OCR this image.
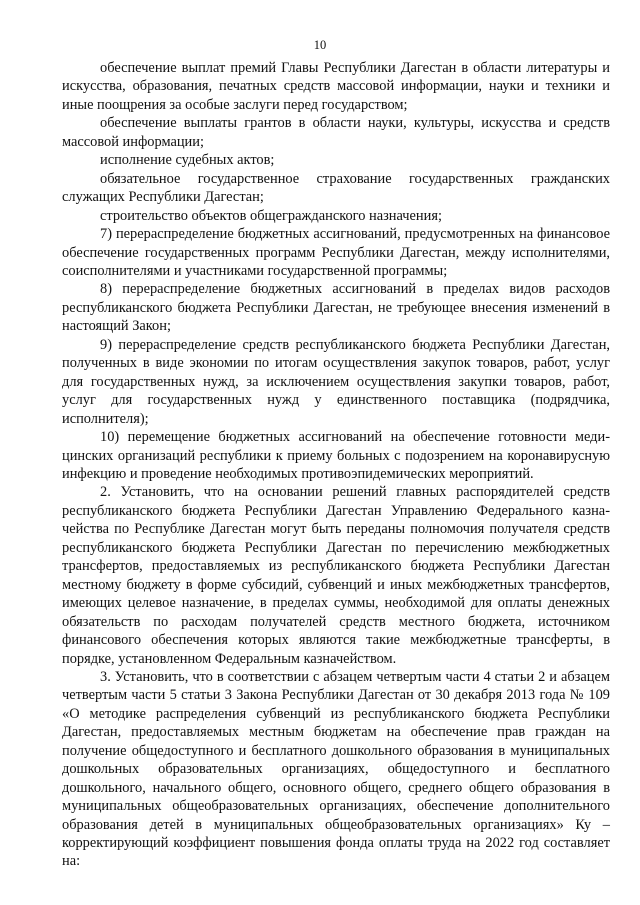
10

обеспечение выплат премий Главы Республики Дагестан в области литературы и искусства, образования, печатных средств массовой информации, науки и техники и иные поощрения за особые заслуги перед государством;

обеспечение выплаты грантов в области науки, культуры, искусства и средств массовой информации;

исполнение судебных актов;

обязательное государственное страхование государственных гражданских служащих Республики Дагестан;

строительство объектов общегражданского назначения;

7) перераспределение бюджетных ассигнований, предусмотренных на финансовое обеспечение государственных программ Республики Дагестан, между исполнителями, соисполнителями и участниками государственной программы;

8) перераспределение бюджетных ассигнований в пределах видов расходов республиканского бюджета Республики Дагестан, не требующее внесения изменений в настоящий Закон;

9) перераспределение средств республиканского бюджета Республики Дагестан, полученных в виде экономии по итогам осуществления закупок товаров, работ, услуг для государственных нужд, за исключением осуществления закупки товаров, работ, услуг для государственных нужд у единственного поставщика (подрядчика, исполнителя);

10) перемещение бюджетных ассигнований на обеспечение готовности медицинских организаций республики к приему больных с подозрением на коронавирусную инфекцию и проведение необходимых противоэпидемических мероприятий.

2. Установить, что на основании решений главных распорядителей средств республиканского бюджета Республики Дагестан Управлению Федерального казначейства по Республике Дагестан могут быть переданы полномочия получателя средств республиканского бюджета Республики Дагестан по перечислению межбюджетных трансфертов, предоставляемых из республиканского бюджета Республики Дагестан местному бюджету в форме субсидий, субвенций и иных межбюджетных трансфертов, имеющих целевое назначение, в пределах суммы, необходимой для оплаты денежных обязательств по расходам получателей средств местного бюджета, источником финансового обеспечения которых являются такие межбюджетные трансферты, в порядке, установленном Федеральным казначейством.

3. Установить, что в соответствии с абзацем четвертым части 4 статьи 2 и абзацем четвертым части 5 статьи 3 Закона Республики Дагестан от 30 декабря 2013 года № 109 «О методике распределения субвенций из республиканского бюджета Республики Дагестан, предоставляемых местным бюджетам на обеспечение прав граждан на получение общедоступного и бесплатного дошкольного образования в муниципальных дошкольных образовательных организациях, общедоступного и бесплатного дошкольного, начального общего, основного общего, среднего общего образования в муниципальных общеобразовательных организациях, обеспечение дополнительного образования детей в муниципальных общеобразовательных организациях» Ку – корректирующий коэффициент повышения фонда оплаты труда на 2022 год составляет на:
